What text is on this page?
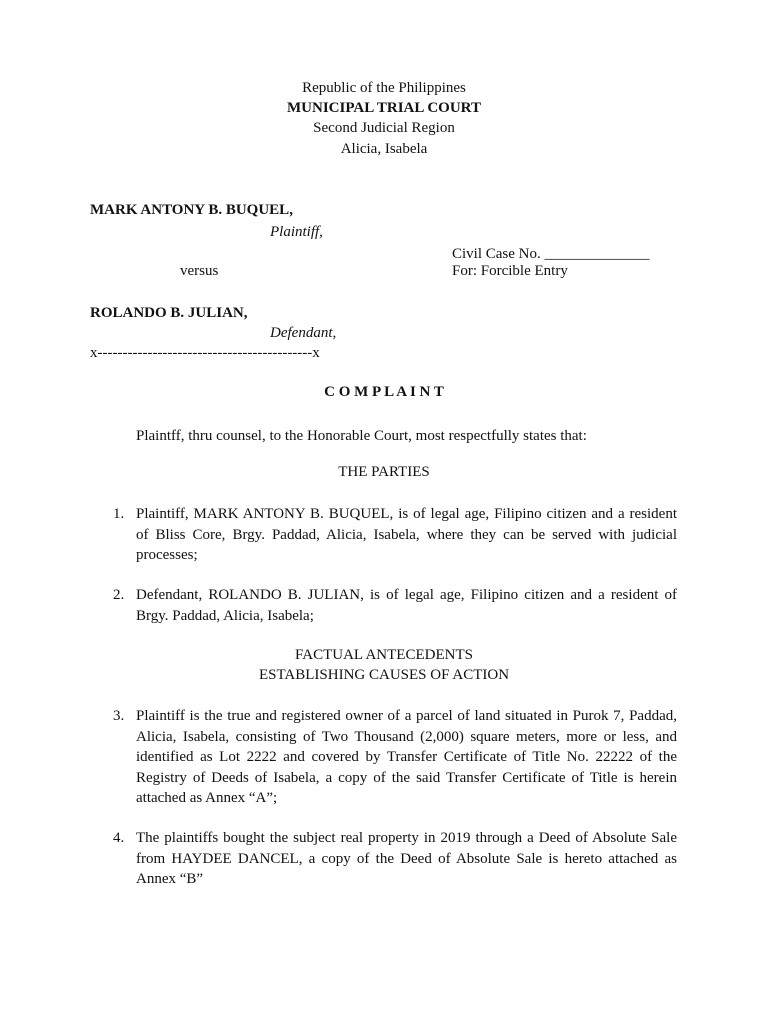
Republic of the Philippines
MUNICIPAL TRIAL COURT
Second Judicial Region
Alicia, Isabela
MARK ANTONY B. BUQUEL,
Plaintiff,
Civil Case No. ______________
versus	For: Forcible Entry
ROLANDO B. JULIAN,
Defendant,
x-------------------------------------------x
C O M P L A I N T
Plaintff, thru counsel, to the Honorable Court, most respectfully states that:
THE PARTIES
1. Plaintiff, MARK ANTONY B. BUQUEL, is of legal age, Filipino citizen and a resident of Bliss Core, Brgy. Paddad, Alicia, Isabela, where they can be served with judicial processes;
2. Defendant, ROLANDO B. JULIAN, is of legal age, Filipino citizen and a resident of Brgy. Paddad, Alicia, Isabela;
FACTUAL ANTECEDENTS
ESTABLISHING CAUSES OF ACTION
3. Plaintiff is the true and registered owner of a parcel of land situated in Purok 7, Paddad, Alicia, Isabela, consisting of Two Thousand (2,000) square meters, more or less, and identified as Lot 2222 and covered by Transfer Certificate of Title No. 22222 of the Registry of Deeds of Isabela, a copy of the said Transfer Certificate of Title is herein attached as Annex “A”;
4. The plaintiffs bought the subject real property in 2019 through a Deed of Absolute Sale from HAYDEE DANCEL, a copy of the Deed of Absolute Sale is hereto attached as Annex “B”
